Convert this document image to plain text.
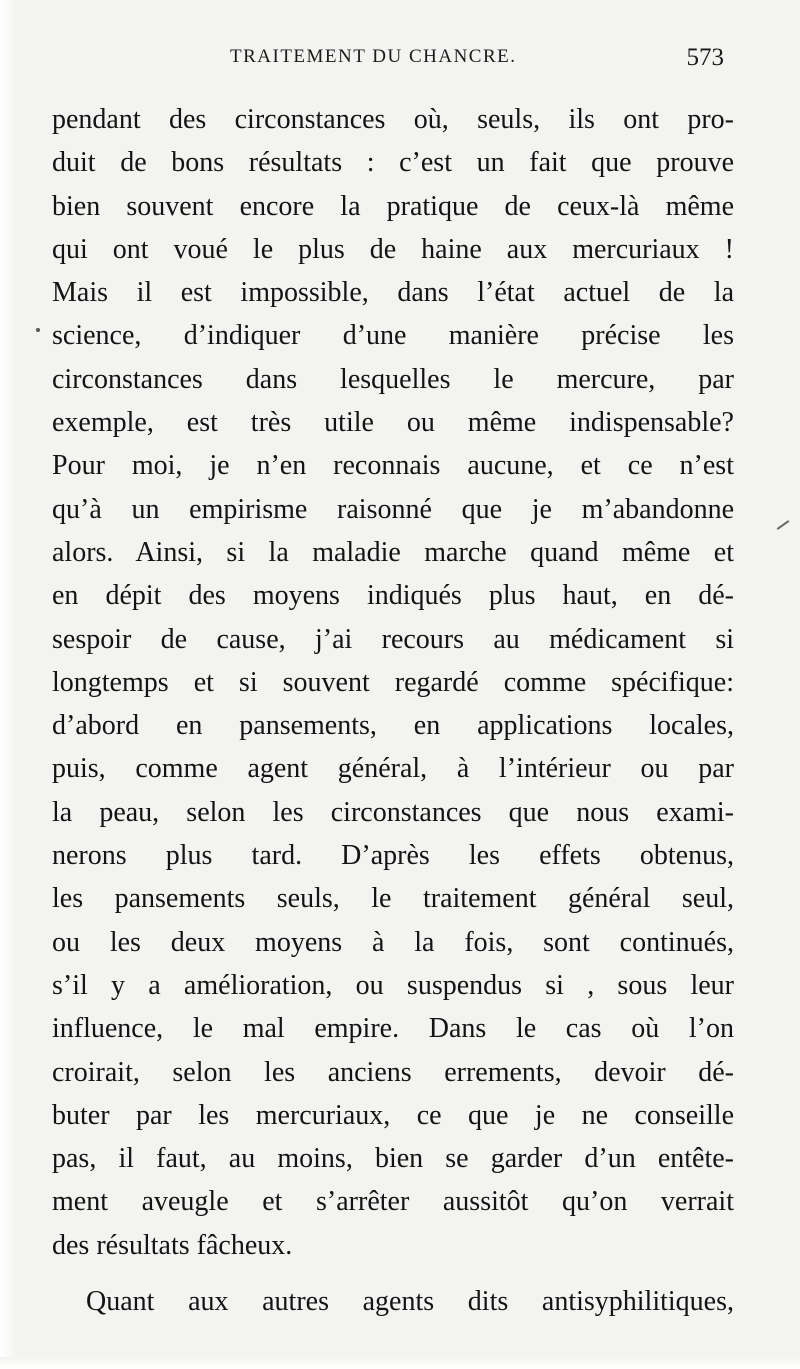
TRAITEMENT DU CHANCRE.	573
pendant des circonstances où, seuls, ils ont pro-
duit de bons résultats : c’est un fait que prouve
bien souvent encore la pratique de ceux-là même
qui ont voué le plus de haine aux mercuriaux !
Mais il est impossible, dans l’état actuel de la
science, d’indiquer d’une manière précise les
circonstances dans lesquelles le mercure, par
exemple, est très utile ou même indispensable?
Pour moi, je n’en reconnais aucune, et ce n’est
qu’à un empirisme raisonné que je m’abandonne
alors. Ainsi, si la maladie marche quand même et
en dépit des moyens indiqués plus haut, en dé-
sespoir de cause, j’ai recours au médicament si
longtemps et si souvent regardé comme spécifique:
d’abord en pansements, en applications locales,
puis, comme agent général, à l’intérieur ou par
la peau, selon les circonstances que nous exami-
nerons plus tard. D’après les effets obtenus,
les pansements seuls, le traitement général seul,
ou les deux moyens à la fois, sont continués,
s’il y a amélioration, ou suspendus si , sous leur
influence, le mal empire. Dans le cas où l’on
croirait, selon les anciens errements, devoir dé-
buter par les mercuriaux, ce que je ne conseille
pas, il faut, au moins, bien se garder d’un entête-
ment aveugle et s’arrêter aussitôt qu’on verrait
des résultats fâcheux.
Quant aux autres agents dits antisyphilitiques,
